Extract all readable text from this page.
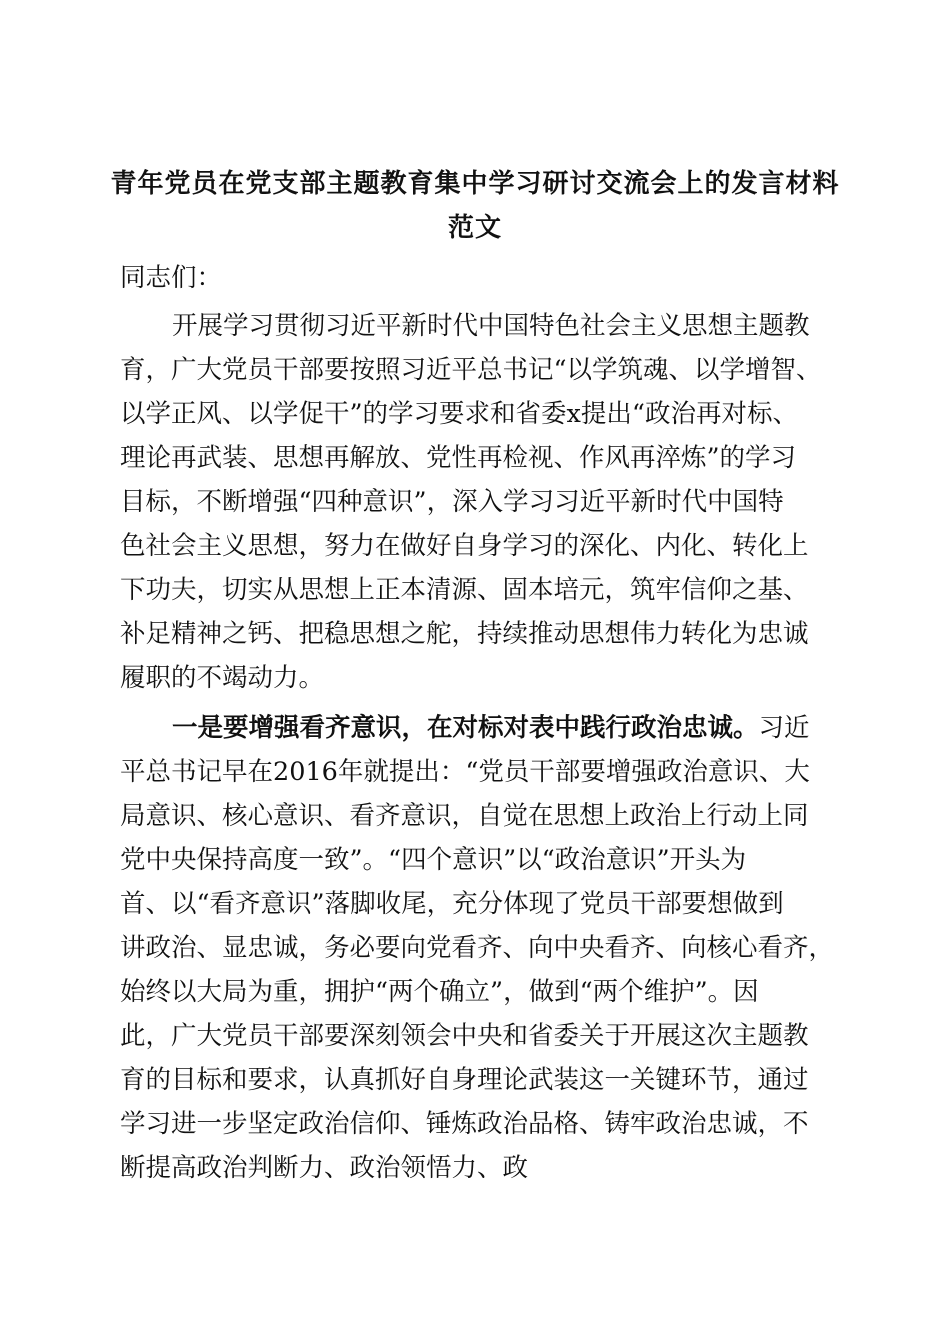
青年党员在党支部主题教育集中学习研讨交流会上的发言材料
范文

同志们：

开展学习贯彻习近平新时代中国特色社会主义思想主题教

育，广大党员干部要按照习近平总书记“以学筑魂、以学增智、

以学正风、以学促干”的学习要求和省委x提出“政治再对标、

理论再武装、思想再解放、党性再检视、作风再淬炼”的学习

目标，不断增强“四种意识”，深入学习习近平新时代中国特

色社会主义思想，努力在做好自身学习的深化、内化、转化上

下功夫，切实从思想上正本清源、固本培元，筑牢信仰之基、

补足精神之钙、把稳思想之舵，持续推动思想伟力转化为忠诚

履职的不竭动力。

一是要增强看齐意识，在对标对表中践行政治忠诚。习近

平总书记早在2016年就提出：“党员干部要增强政治意识、大

局意识、核心意识、看齐意识，自觉在思想上政治上行动上同

党中央保持高度一致”。“四个意识”以“政治意识”开头为

首、以“看齐意识”落脚收尾，充分体现了党员干部要想做到

讲政治、显忠诚，务必要向党看齐、向中央看齐、向核心看齐，

始终以大局为重，拥护“两个确立”，做到“两个维护”。因

此，广大党员干部要深刻领会中央和省委关于开展这次主题教

育的目标和要求，认真抓好自身理论武装这一关键环节，通过

学习进一步坚定政治信仰、锤炼政治品格、铸牢政治忠诚，不

断提高政治判断力、政治领悟力、政
